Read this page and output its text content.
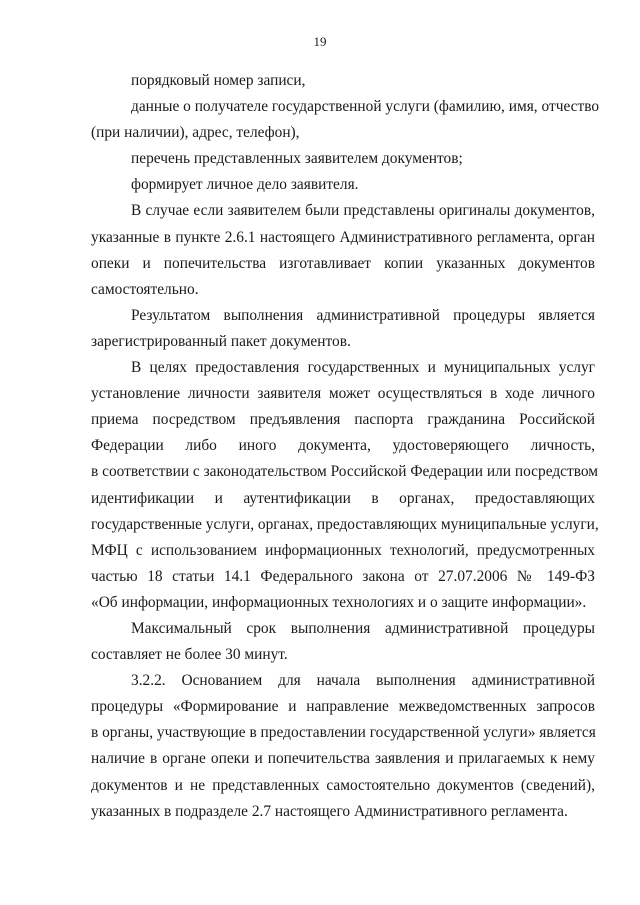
19
порядковый номер записи,
данные о получателе государственной услуги (фамилию, имя, отчество
(при наличии), адрес, телефон),
перечень представленных заявителем документов;
формирует личное дело заявителя.
В случае если заявителем были представлены оригиналы документов,
указанные в пункте 2.6.1 настоящего Административного регламента, орган
опеки и попечительства изготавливает копии указанных документов
самостоятельно.
Результатом выполнения административной процедуры является
зарегистрированный пакет документов.
В целях предоставления государственных и муниципальных услуг
установление личности заявителя может осуществляться в ходе личного
приема посредством предъявления паспорта гражданина Российской
Федерации либо иного документа, удостоверяющего личность,
в соответствии с законодательством Российской Федерации или посредством
идентификации и аутентификации в органах, предоставляющих
государственные услуги, органах, предоставляющих муниципальные услуги,
МФЦ с использованием информационных технологий, предусмотренных
частью 18 статьи 14.1 Федерального закона от 27.07.2006 № 149-ФЗ
«Об информации, информационных технологиях и о защите информации».
Максимальный срок выполнения административной процедуры
составляет не более 30 минут.
3.2.2. Основанием для начала выполнения административной
процедуры «Формирование и направление межведомственных запросов
в органы, участвующие в предоставлении государственной услуги» является
наличие в органе опеки и попечительства заявления и прилагаемых к нему
документов и не представленных самостоятельно документов (сведений),
указанных в подразделе 2.7 настоящего Административного регламента.
